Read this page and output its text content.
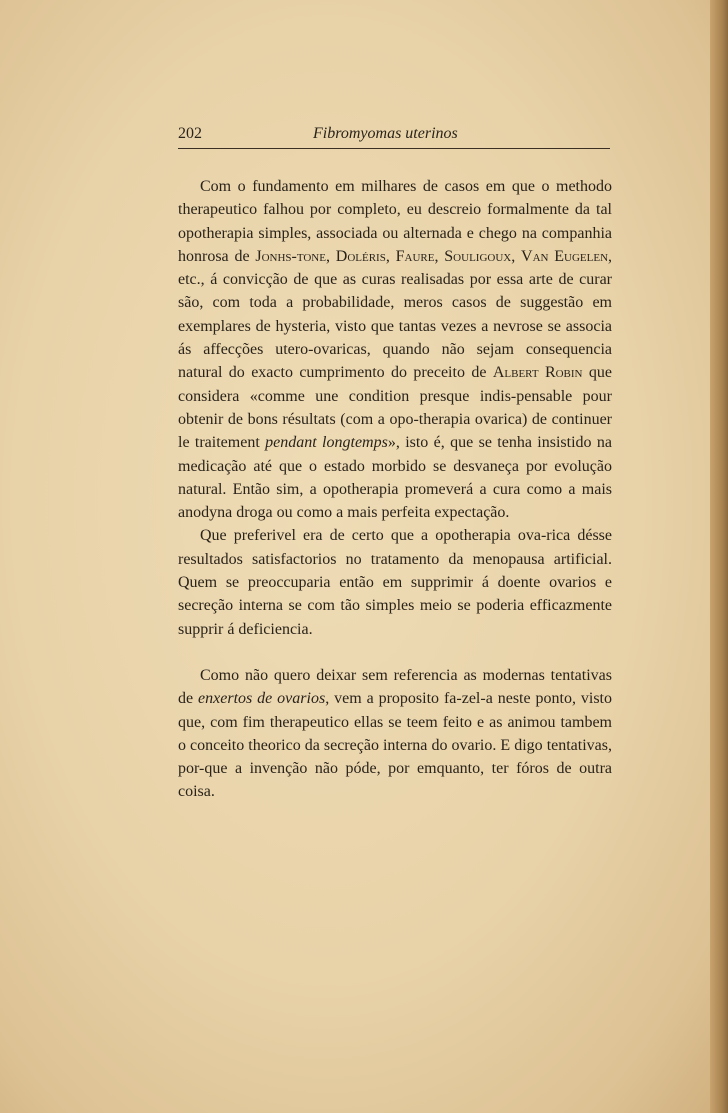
202	Fibromyomas uterinos

Com o fundamento em milhares de casos em que o methodo therapeutico falhou por completo, eu descreio formalmente da tal opotherapia simples, associada ou alternada e chego na companhia honrosa de Jonhs-tone, Doléris, Faure, Souligoux, Van Eugelen, etc., á convicção de que as curas realisadas por essa arte de curar são, com toda a probabilidade, meros casos de suggestão em exemplares de hysteria, visto que tantas vezes a nevrose se associa ás affecções utero-ovaricas, quando não sejam consequencia natural do exacto cumprimento do preceito de Albert Robin que considera «comme une condition presque indis-pensable pour obtenir de bons résultats (com a opo-therapia ovarica) de continuer le traitement pendant longtemps», isto é, que se tenha insistido na medicação até que o estado morbido se desvaneça por evolução natural. Então sim, a opotherapia promeverá a cura como a mais anodyna droga ou como a mais perfeita expectação.

Que preferivel era de certo que a opotherapia ova-rica désse resultados satisfactorios no tratamento da menopausa artificial. Quem se preoccuparia então em supprimir á doente ovarios e secreção interna se com tão simples meio se poderia efficazmente supprir á deficiencia.

Como não quero deixar sem referencia as modernas tentativas de enxertos de ovarios, vem a proposito fa-zel-a neste ponto, visto que, com fim therapeutico ellas se teem feito e as animou tambem o conceito theorico da secreção interna do ovario. E digo tentativas, por-que a invenção não póde, por emquanto, ter fóros de outra coisa.
